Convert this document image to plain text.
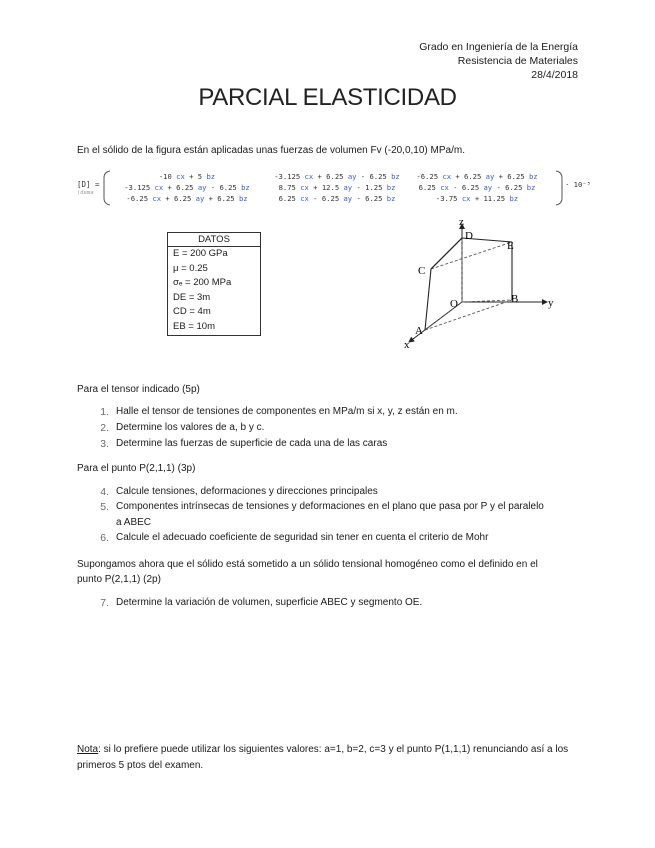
Grado en Ingeniería de la Energía
Resistencia de Materiales
28/4/2018
PARCIAL ELASTICIDAD
En el sólido de la figura están aplicadas unas fuerzas de volumen Fv (-20,0,10) MPa/m.
[D] =
(dema
· 10⁻⁵
-10 cx + 5 bz	-3.125 cx + 6.25 ay - 6.25 bz	-6.25 cx + 6.25 ay + 6.25 bz
-3.125 cx + 6.25 ay - 6.25 bz	8.75 cx + 12.5 ay - 1.25 bz	6.25 cx - 6.25 ay - 6.25 bz
-6.25 cx + 6.25 ay + 6.25 bz	6.25 cx - 6.25 ay - 6.25 bz	-3.75 cx + 11.25 bz
DATOS
E = 200 GPa
μ = 0.25
σₑ = 200 MPa
DE = 3m
CD = 4m
EB = 10m
z
y
x
A
B
C
D
E
O
Para el tensor indicado (5p)
1. Halle el tensor de tensiones de componentes en MPa/m si x, y, z están en m.
2. Determine los valores de a, b y c.
3. Determine las fuerzas de superficie de cada una de las caras
Para el punto P(2,1,1) (3p)
4. Calcule tensiones, deformaciones y direcciones principales
5. Componentes intrínsecas de tensiones y deformaciones en el plano que pasa por P y el paralelo
a ABEC
6. Calcule el adecuado coeficiente de seguridad sin tener en cuenta el criterio de Mohr
Supongamos ahora que el sólido está sometido a un sólido tensional homogéneo como el definido en el
punto P(2,1,1) (2p)
7. Determine la variación de volumen, superficie ABEC y segmento OE.
Nota: si lo prefiere puede utilizar los siguientes valores: a=1, b=2, c=3 y el punto P(1,1,1) renunciando así a los primeros 5 ptos del examen.
